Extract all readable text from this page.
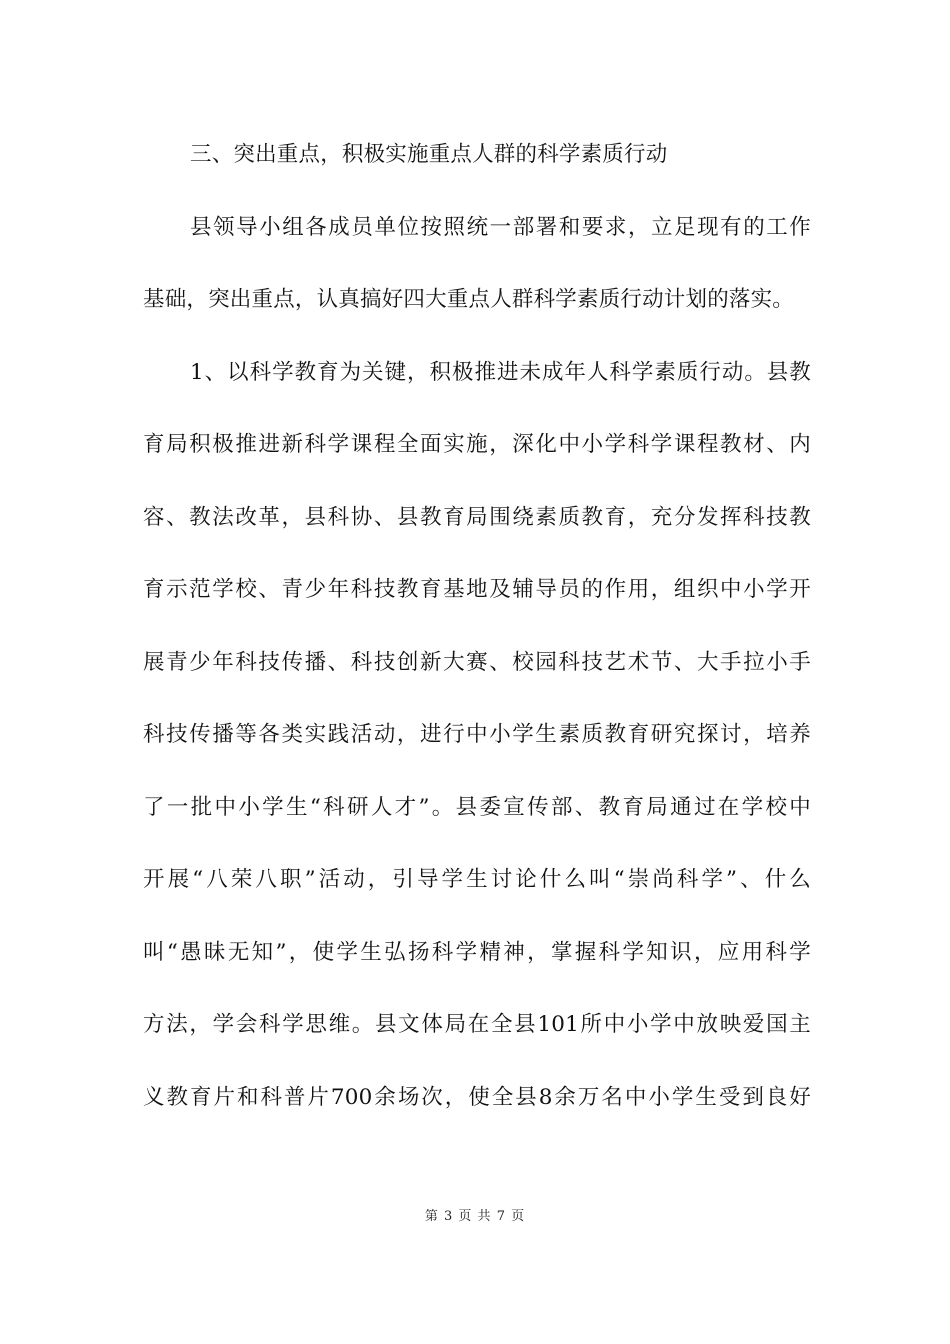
三、突出重点，积极实施重点人群的科学素质行动
县领导小组各成员单位按照统一部署和要求，立足现有的工作
基础，突出重点，认真搞好四大重点人群科学素质行动计划的落实。
1、以科学教育为关键，积极推进未成年人科学素质行动。县教
育局积极推进新科学课程全面实施，深化中小学科学课程教材、内
容、教法改革，县科协、县教育局围绕素质教育，充分发挥科技教
育示范学校、青少年科技教育基地及辅导员的作用，组织中小学开
展青少年科技传播、科技创新大赛、校园科技艺术节、大手拉小手
科技传播等各类实践活动，进行中小学生素质教育研究探讨，培养
了一批中小学生“科研人才”。县委宣传部、教育局通过在学校中
开展“八荣八职”活动，引导学生讨论什么叫“崇尚科学”、什么
叫“愚昧无知”，使学生弘扬科学精神，掌握科学知识，应用科学
方法，学会科学思维。县文体局在全县101所中小学中放映爱国主
义教育片和科普片700余场次，使全县8余万名中小学生受到良好
第 3 页 共 7 页
